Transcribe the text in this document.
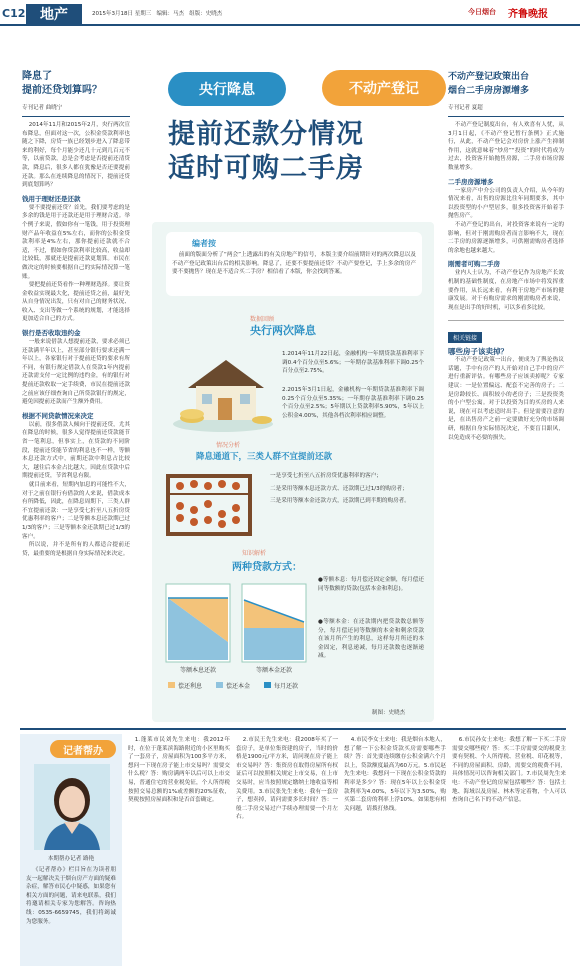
C12 地产	2015年3月18日 星期三 编辑：马杰 组版：史晓杰	今日烟台 齐鲁晚报
降息了
提前还贷划算吗？
专刊记者 曲晓宁
2014年11月和2015年2月，央行两次宣布降息，但面对这一次，公积金贷款利率也随之下降，房贷一族已经划步进入了降息带来的利好，每个月能少还几十元到几百元不等，以前贷款，总是会考虑是否提前还清贷款，降息后，很多人都在犹豫是否还要提前还款。那么在连续降息的情况下，提前还贷到底划算吗？
钱用于理财还是还款
要不要提前还贷？首先，我们要考虑的是多余的钱是用于还款还是用于理财合适。举个例子来说，假如你有一笔钱，用于投资理财产品年收益在5%左右，而你的公积金贷款利率是4%左右，那你提前还款就不合适，不过，假如你贷款利率比较高，收益却比较低，那就还是提前还款更划算。市民在做决定的时候要根据自己的实际情况算一笔账。
要把提前还贷看作一种理财选择。要让资金收益实现最大化，提前还贷之前，最好先从自身情况出发，只有对自己的财务状况、收入、支出等做一个系统的规划，才能选择更加适合自己的方式。
银行是否收取违约金
一般来说借款人想提前还款，要求必须已还款满半年以上，甚至部分银行要求还满一年以上，各家银行对于提前还贷的要求有所不同，有银行规定借款人在贷款1年内提前还款需支付一定比例的违约金，有的银行对提前还款收取一定手续费，市民在提前还款之前应该仔细查询自己所贷款银行的规定，避免因提前还款而产生额外费用。
根据不同贷款情况来决定
以前，很多借款人倾向于提前还贷，尤其在降息的时候，很多人觉得提前还贷款能节省一笔利息，但事实上，在贷款的不同阶段，提前还贷能节省的利息也不一样，等额本息还款方式中，前期还款中利息占比较大，越往后本金占比越大。因此在贷款中后期提前还贷，节省利息有限。
就目前来看，短期内加息的可能性不大，对于之前在银行有借款的人来说，借款成本有所降低，因此，在降息周期下，三类人群不宜提前还款：一是享受七折至八五折房贷优惠利率的客户；二是等额本息还款期已过1/3的客户；三是等额本金还款期已过1/3的客户。
所以说，并不是所有的人都适合提前还贷，最重要的是根据自身实际情况来决定。
央行降息	不动产登记
提前还款分情况
适时可购二手房
编者按
前面的版面分析了“两会”上透露出的有关房地产的信号，本版主要介绍前期针对的两次降息以及不动产登记政策出台后的相关影响。降息了，还要不要提前还贷？不动产要登记，手上多余的房产要不要抛售？现在是不适合买二手房？相信看了本版，你会找到答案。
数据回顾
央行两次降息
1.2014年11月22日起，金融机构一年期贷款基准利率下调0.4个百分点至5.6%；一年期存款基准利率下调0.25个百分点至2.75%。
2.2015年3月1日起，金融机构一年期贷款基准利率下调0.25个百分点至5.35%；一年期存款基准利率下调0.25个百分点至2.5%；5年期以上贷款利率5.90%，5年以上公积金4.00%，其他各档次利率相应调整。
情况分析
降息通道下，三类人群不宜提前还款
一是享受七折至八五折房贷优惠利率的客户；
二是采用等额本息还款方式、还款期已过1/3的购房者；
三是采用等额本金还款方式，还款期已到半期的购房者。
知识解析
两种贷款方式：
等额本息还款	等额本金还款
偿还利息	偿还本金	每月还款
●等额本息：每月偿还固定金额，每月偿还同等数额的贷款(包括本金和利息)。
●等额本金：在还款期内把贷款数总额等分，每月偿还同等数额的本金和剩余贷款在该月所产生的利息，这样每月所还的本金固定，利息递减，每月还款数也逐渐递减。
制图：史晓杰
不动产登记政策出台
烟台二手房房源增多
专刊记者 夏超
不动产登记制度出台，有人欢喜有人忧，从3月1日起，《不动产登记暂行条例》正式施行，从此，不动产登记会对房价上涨产生抑制作用，这就意味着“炒房”“投资”的时代将成为过去，投资客开始抛售房源，二手房市场房源数量增多。
二手房房源增多
一家房产中介公司的负责人介绍，从今年的情况来看，出售的房源比往年同期要多，其中以投资型的小户型居多，很多投资客开始着手抛售房产。
不动产登记的出台，对投资客来说有一定的影响，但对于刚需购房者而言影响不大，现在二手房的房源逐渐增多，可供刚需购房者选择的余地也越来越大。
刚需者可购二手房
业内人士认为，不动产登记作为房地产长效机制的基础性制度，在房地产市场中将发挥重要作用，从长远来看，有利于房地产市场的健康发展。对于有购房需求的刚需购房者来说，现在是出手的好时机，可以多看多比较。
相关链接
哪些房子该卖掉？
不动产登记政策一出台，便成为了舆论热议话题，手中有房产的人开始对自己手中的房产进行重新评估。有哪些房子应该卖掉呢？专家建议：一是位置偏远、配套不完善的房子；二是房龄较长、面积较小的老房子；三是投资类的小户型公寓。对于以投资为目的买房的人来说，现在可以考虑适时出手。但是需要注意的是，在出售房产之前一定要做好充分的市场调研，根据自身实际情况决定，不要盲目跟风，以免造成不必要的损失。
记者帮办
本期帮办记者 路艳
《记者帮办》栏目旨在为读者朋友一起解决关于烟台房产方面的疑难杂症，解答市民心中疑惑，如果您有相关方面的问题，请来电联系，我们将邀请相关专家为您解答。咨询热线：0535-6659745，我们将竭诚为您服务。
1.蓬莱市民刘先生来电：我2012年时，在位于蓬莱滨海路附近的小区里购买了一套房子，房屋面积为100多平方米，想问一下现在房子能上市交易吗？需要交什么税？答：购房满两年以后可以上市交易，普通住宅的营业税免征，个人所得税按照交易总额的1%或差额的20%征收，契税按照房屋面积和是否首套确定。
2.市民王先生来电：我2008年买了一套房子，是单位集资建的房子，当时的价格是1900元/平方米，请问现在房子能上市交易吗？答：集资房在取得房屋所有权证后可以按照相关规定上市交易，在上市交易时，应当按照规定缴纳土地收益等相关费用。3.市民张先生来电：我有一套房子，想卖掉，请问需要多长时间？答：一般二手房交易过户手续办理需要一个月左右。
4.市民李女士来电：我是烟台本地人，想了解一下公积金贷款买房需要哪些手续？答：首先要连续缴存公积金满六个月以上，贷款额度最高为60万元。5.市民赵先生来电：我想问一下现在公积金贷款的利率是多少？答：现在5年以上公积金贷款利率为4.00%，5年以下为3.50%，购买第二套房的利率上浮10%。如果您有相关问题，请拨打热线。
6.市民孙女士来电：我想了解一下买二手房需要交哪些税？答：买二手房需要交的税费主要有契税、个人所得税、营业税、印花税等，不同的房屋面积、房龄，需要交的税费不同，具体情况可以咨询相关部门。7.市民周先生来电：不动产登记的房屋包括哪些？答：包括土地、海域以及房屋、林木等定着物，个人可以查询自己名下的不动产信息。
